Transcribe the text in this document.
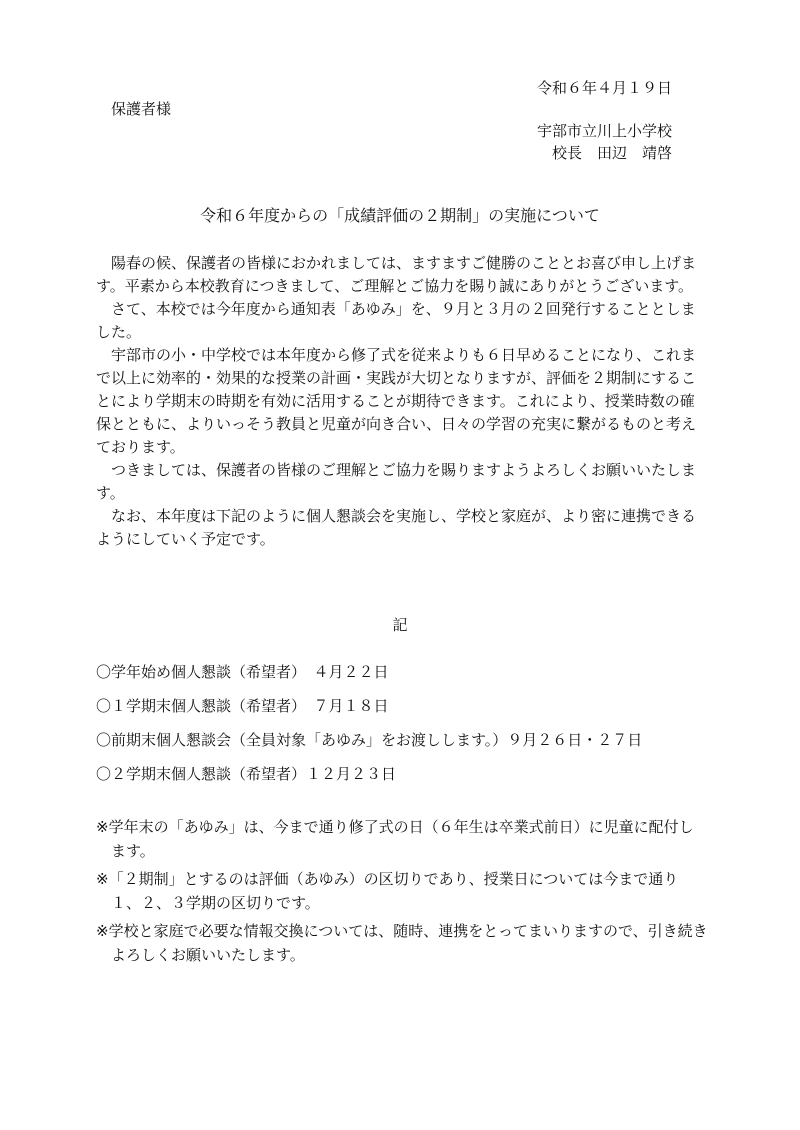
令和６年４月１９日
保護者様
宇部市立川上小学校
校長　田辺　靖啓
令和６年度からの「成績評価の２期制」の実施について

陽春の候、保護者の皆様におかれましては、ますますご健勝のこととお喜び申し上げます。平素から本校教育につきまして、ご理解とご協力を賜り誠にありがとうございます。

さて、本校では今年度から通知表「あゆみ」を、９月と３月の２回発行することとしました。

宇部市の小・中学校では本年度から修了式を従来よりも６日早めることになり、これまで以上に効率的・効果的な授業の計画・実践が大切となりますが、評価を２期制にすることにより学期末の時期を有効に活用することが期待できます。これにより、授業時数の確保とともに、よりいっそう教員と児童が向き合い、日々の学習の充実に繋がるものと考えております。

つきましては、保護者の皆様のご理解とご協力を賜りますようよろしくお願いいたします。

なお、本年度は下記のように個人懇談会を実施し、学校と家庭が、より密に連携できるようにしていく予定です。

記
〇学年始め個人懇談（希望者）　４月２２日
〇１学期末個人懇談（希望者）　７月１８日
〇前期末個人懇談会（全員対象「あゆみ」をお渡しします。）９月２６日・２７日
〇２学期末個人懇談（希望者）１２月２３日

※学年末の「あゆみ」は、今まで通り修了式の日（６年生は卒業式前日）に児童に配付します。

※「２期制」とするのは評価（あゆみ）の区切りであり、授業日については今まで通り１、２、３学期の区切りです。

※学校と家庭で必要な情報交換については、随時、連携をとってまいりますので、引き続きよろしくお願いいたします。
